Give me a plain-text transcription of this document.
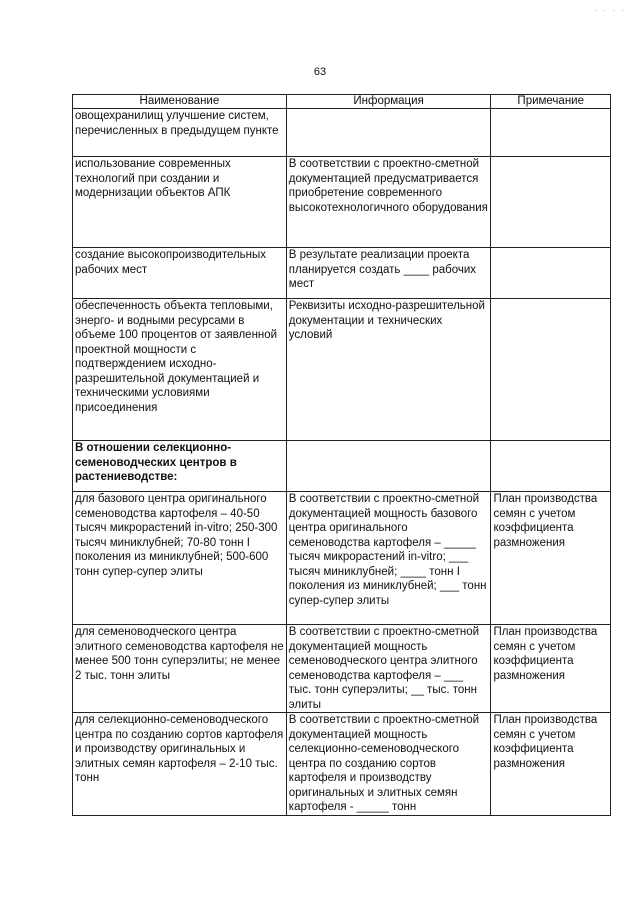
· · · ·
63
Наименование	Информация	Примечание
овощехранилищ улучшение систем, перечисленных в предыдущем пункте		
использование современных технологий при создании и модернизации объектов АПК	В соответствии с проектно-сметной документацией предусматривается приобретение современного высокотехнологичного оборудования	
создание высокопроизводительных рабочих мест	В результате реализации проекта планируется создать ____ рабочих мест	
обеспеченность объекта тепловыми, энерго- и водными ресурсами в объеме 100 процентов от заявленной проектной мощности с подтверждением исходно-разрешительной документацией и техническими условиями присоединения	Реквизиты исходно-разрешительной документации и технических условий	
В отношении селекционно-семеноводческих центров в растениеводстве:		
для базового центра оригинального семеноводства картофеля – 40-50 тысяч микрорастений in-vitro; 250-300 тысяч миниклубней; 70-80 тонн I поколения из миниклубней; 500-600 тонн супер-супер элиты	В соответствии с проектно-сметной документацией мощность базового центра оригинального семеноводства картофеля – _____ тысяч микрорастений in-vitro; ___ тысяч миниклубней; ____ тонн I поколения из миниклубней; ___ тонн супер-супер элиты	План производства семян с учетом коэффициента размножения
для семеноводческого центра элитного семеноводства картофеля не менее 500 тонн суперэлиты; не менее 2 тыс. тонн элиты	В соответствии с проектно-сметной документацией мощность семеноводческого центра элитного семеноводства картофеля – ___ тыс. тонн суперэлиты; __ тыс. тонн элиты	План производства семян с учетом коэффициента размножения
для селекционно-семеноводческого центра по созданию сортов картофеля и производству оригинальных и элитных семян картофеля – 2-10 тыс. тонн	В соответствии с проектно-сметной документацией мощность селекционно-семеноводческого центра по созданию сортов картофеля и производству оригинальных и элитных семян картофеля - _____ тонн	План производства семян с учетом коэффициента размножения
